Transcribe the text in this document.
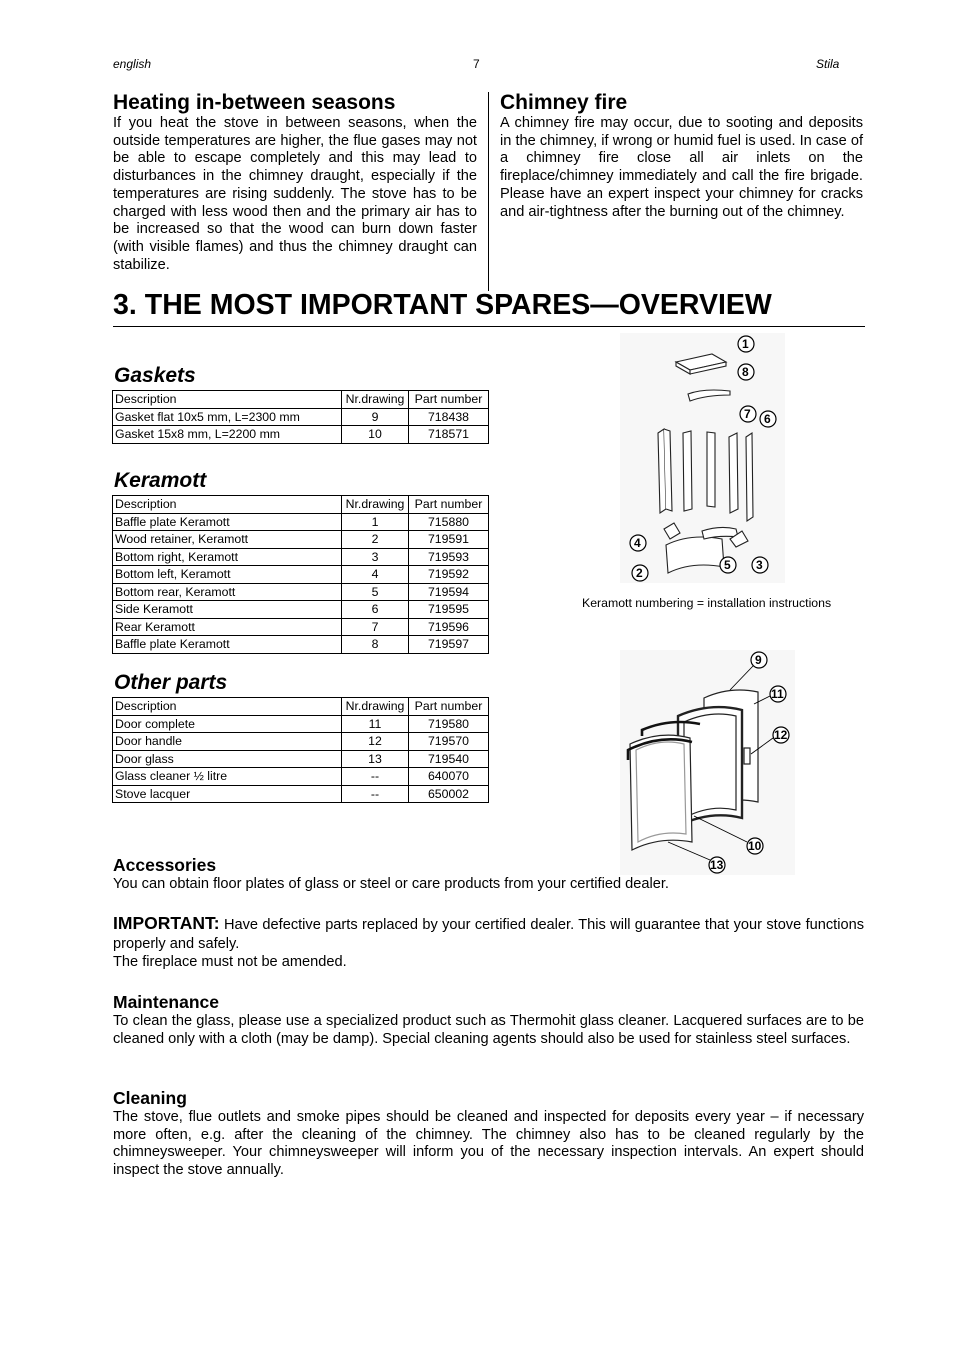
english	7	Stila
Heating in-between seasons

If you heat the stove in between seasons, when the outside temperatures are higher, the flue gases may not be able to escape completely and this may lead to disturbances in the chimney draught, especially if the temperatures are rising suddenly. The stove has to be charged with less wood then and the primary air has to be increased so that the wood can burn down faster (with visible flames) and thus the chimney draught can stabilize.

Chimney fire

A chimney fire may occur, due to sooting and deposits in the chimney, if wrong or humid fuel is used. In case of a chimney fire close all air inlets on the fireplace/chimney immediately and call the fire brigade. Please have an expert inspect your chimney for cracks and air-tightness after the burning out of the chimney.

3. THE MOST IMPORTANT SPARES—OVERVIEW
Gaskets
Description	Nr.drawing	Part number
Gasket flat 10x5 mm, L=2300 mm	9	718438
Gasket 15x8 mm, L=2200 mm	10	718571
Keramott
Description	Nr.drawing	Part number
Baffle plate Keramott	1	715880
Wood retainer, Keramott	2	719591
Bottom right, Keramott	3	719593
Bottom left, Keramott	4	719592
Bottom rear, Keramott	5	719594
Side Keramott	6	719595
Rear Keramott	7	719596
Baffle plate Keramott	8	719597
Other parts
Description	Nr.drawing	Part number
Door complete	11	719580
Door handle	12	719570
Door glass	13	719540
Glass cleaner ½ litre	--	640070
Stove lacquer	--	650002
1
8
7 6
4
2
5 3
Keramott numbering = installation instructions
9
11
12
10
13
Accessories

You can obtain floor plates of glass or steel or care products from your certified dealer.

IMPORTANT: Have defective parts replaced by your certified dealer. This will guarantee that your stove functions properly and safely.

The fireplace must not be amended.

Maintenance

To clean the glass, please use a specialized product such as Thermohit glass cleaner. Lacquered surfaces are to be cleaned only with a cloth (may be damp). Special cleaning agents should also be used for stainless steel surfaces.

Cleaning

The stove, flue outlets and smoke pipes should be cleaned and inspected for deposits every year – if necessary more often, e.g. after the cleaning of the chimney. The chimney also has to be cleaned regularly by the chimneysweeper. Your chimneysweeper will inform you of the necessary inspection intervals. An expert should inspect the stove annually.
